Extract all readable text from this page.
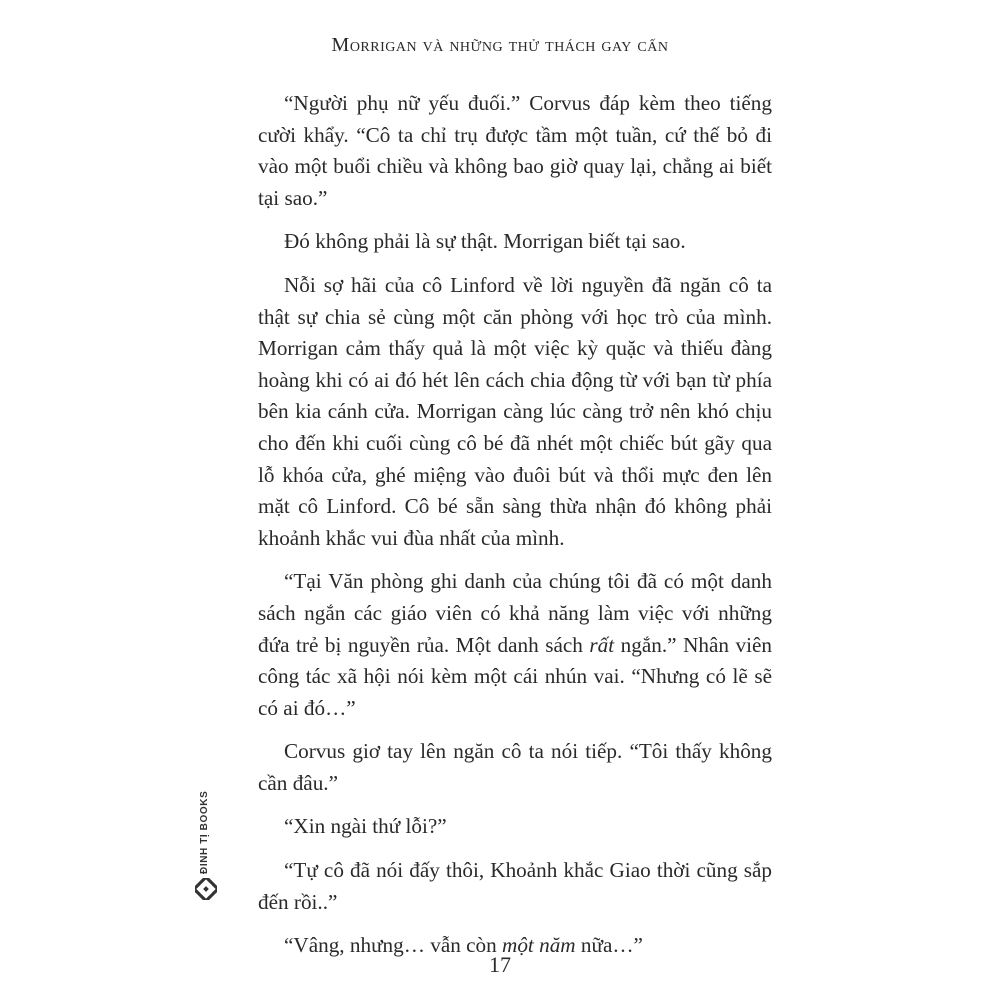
Morrigan và những thử thách gay cấn

“Người phụ nữ yếu đuối.” Corvus đáp kèm theo tiếng cười khẩy. “Cô ta chỉ trụ được tầm một tuần, cứ thế bỏ đi vào một buổi chiều và không bao giờ quay lại, chẳng ai biết tại sao.”

Đó không phải là sự thật. Morrigan biết tại sao.

Nỗi sợ hãi của cô Linford về lời nguyền đã ngăn cô ta thật sự chia sẻ cùng một căn phòng với học trò của mình. Morrigan cảm thấy quả là một việc kỳ quặc và thiếu đàng hoàng khi có ai đó hét lên cách chia động từ với bạn từ phía bên kia cánh cửa. Morrigan càng lúc càng trở nên khó chịu cho đến khi cuối cùng cô bé đã nhét một chiếc bút gãy qua lỗ khóa cửa, ghé miệng vào đuôi bút và thổi mực đen lên mặt cô Linford. Cô bé sẵn sàng thừa nhận đó không phải khoảnh khắc vui đùa nhất của mình.

“Tại Văn phòng ghi danh của chúng tôi đã có một danh sách ngắn các giáo viên có khả năng làm việc với những đứa trẻ bị nguyền rủa. Một danh sách rất ngắn.” Nhân viên công tác xã hội nói kèm một cái nhún vai. “Nhưng có lẽ sẽ có ai đó…”

Corvus giơ tay lên ngăn cô ta nói tiếp. “Tôi thấy không cần đâu.”

“Xin ngài thứ lỗi?”

“Tự cô đã nói đấy thôi, Khoảnh khắc Giao thời cũng sắp đến rồi..”

“Vâng, nhưng… vẫn còn một năm nữa…”

ĐINH TỊ BOOKS
17
